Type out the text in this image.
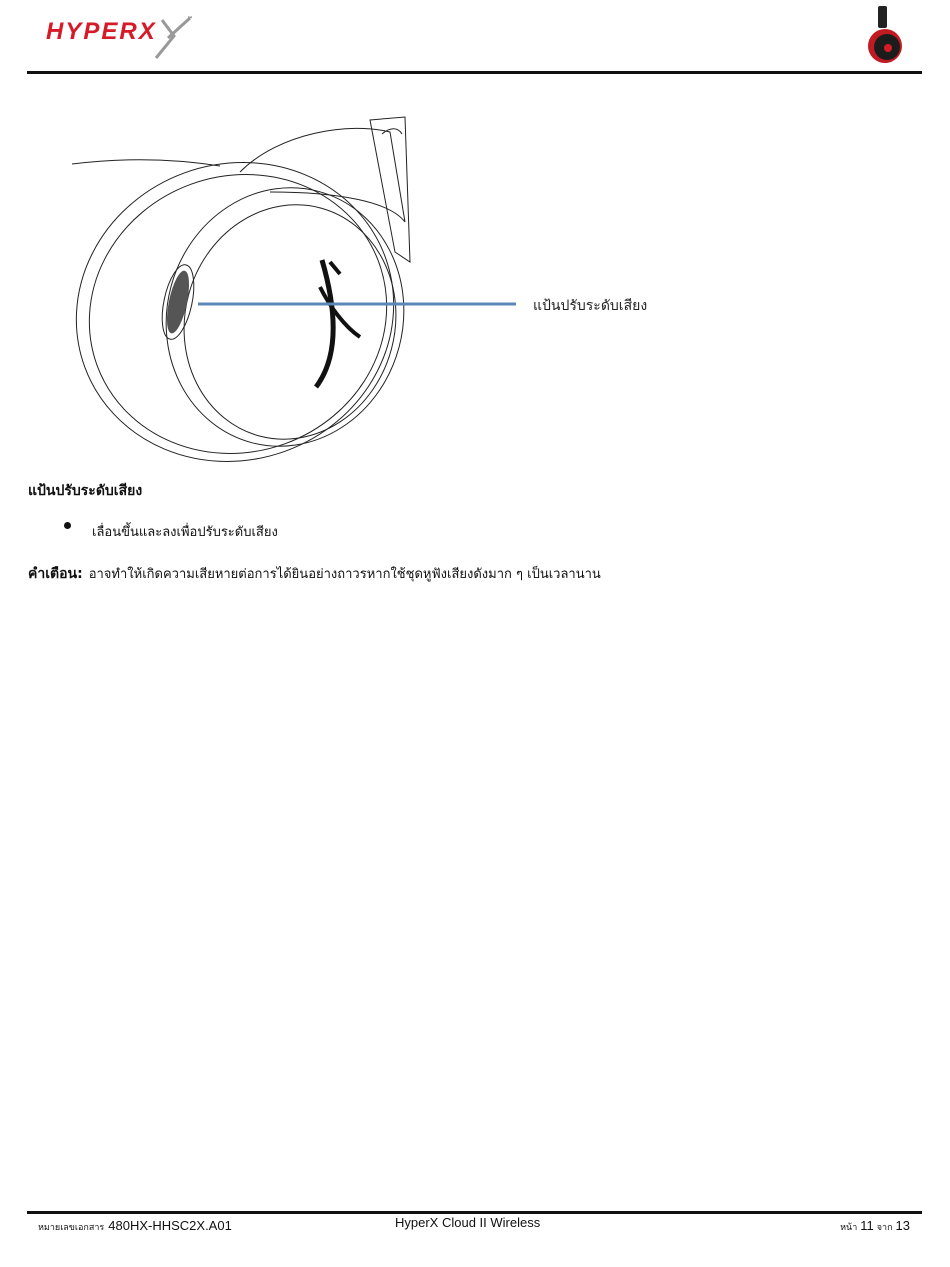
HYPERX	™
แป้นปรับระดับเสียง
แป้นปรับระดับเสียง
เลื่อนขึ้นและลงเพื่อปรับระดับเสียง
คำเตือน: อาจทำให้เกิดความเสียหายต่อการได้ยินอย่างถาวรหากใช้ชุดหูฟังเสียงดังมาก ๆ เป็นเวลานาน
หมายเลขเอกสาร 480HX-HHSC2X.A01	HyperX Cloud II Wireless	หน้า 11 จาก 13
